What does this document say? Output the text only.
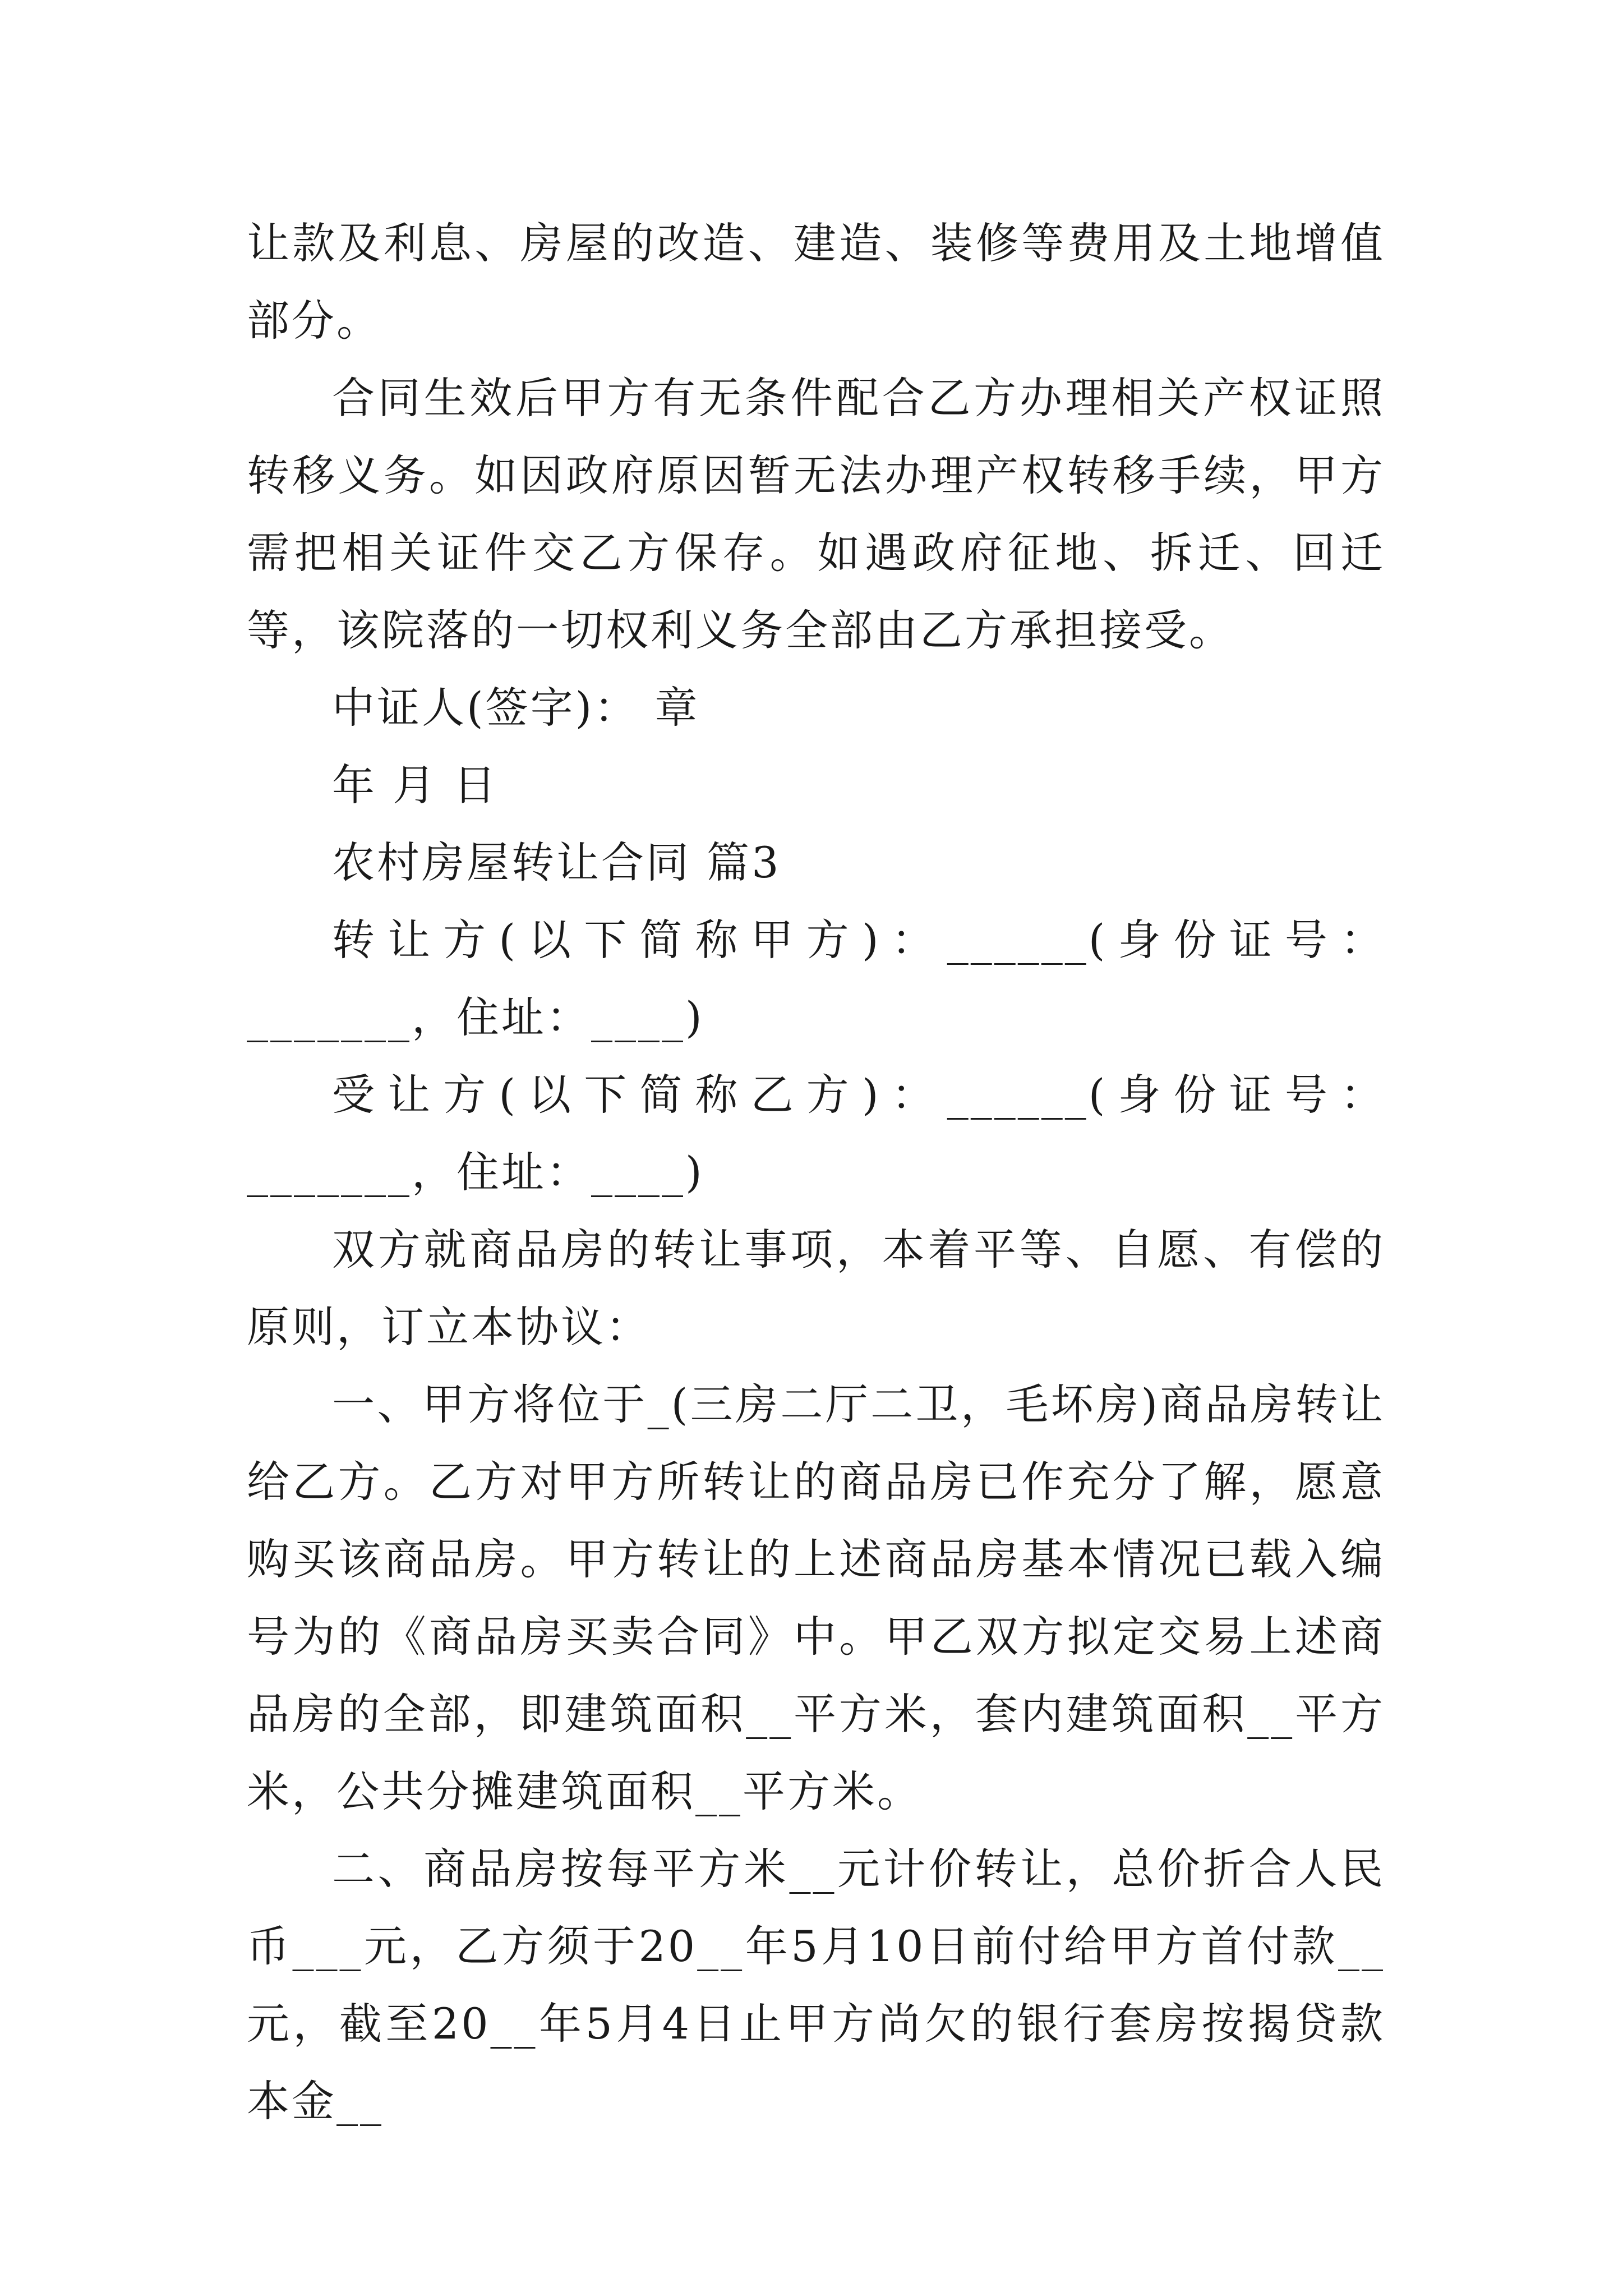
让款及利息、房屋的改造、建造、装修等费用及土地增值部分。

合同生效后甲方有无条件配合乙方办理相关产权证照转移义务。如因政府原因暂无法办理产权转移手续，甲方需把相关证件交乙方保存。如遇政府征地、拆迁、回迁等，该院落的一切权利义务全部由乙方承担接受。

中证人(签字)： 章

年 月 日

农村房屋转让合同 篇3

转让方(以下简称甲方)：______(身份证号：_______，住址：____)

受让方(以下简称乙方)：______(身份证号：_______，住址：____)

双方就商品房的转让事项，本着平等、自愿、有偿的原则，订立本协议：

一、甲方将位于_(三房二厅二卫，毛坏房)商品房转让给乙方。乙方对甲方所转让的商品房已作充分了解，愿意购买该商品房。甲方转让的上述商品房基本情况已载入编号为的《商品房买卖合同》中。甲乙双方拟定交易上述商品房的全部，即建筑面积__平方米，套内建筑面积__平方米，公共分摊建筑面积__平方米。

二、商品房按每平方米__元计价转让，总价折合人民币___元，乙方须于20__年5月10日前付给甲方首付款__元，截至20__年5月4日止甲方尚欠的银行套房按揭贷款本金__
